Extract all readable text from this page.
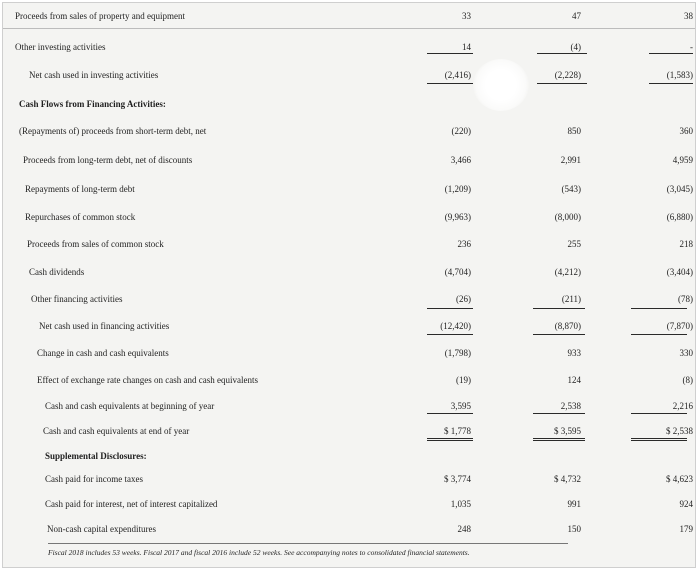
Proceeds from sales of property and equipment	33	47	38
Other investing activities	14	(4)	-
Net cash used in investing activities	(2,416)	(2,228)	(1,583)
Cash Flows from Financing Activities:
(Repayments of) proceeds from short-term debt, net	(220)	850	360
Proceeds from long-term debt, net of discounts	3,466	2,991	4,959
Repayments of long-term debt	(1,209)	(543)	(3,045)
Repurchases of common stock	(9,963)	(8,000)	(6,880)
Proceeds from sales of common stock	236	255	218
Cash dividends	(4,704)	(4,212)	(3,404)
Other financing activities	(26)	(211)	(78)
Net cash used in financing activities	(12,420)	(8,870)	(7,870)
Change in cash and cash equivalents	(1,798)	933	330
Effect of exchange rate changes on cash and cash equivalents	(19)	124	(8)
Cash and cash equivalents at beginning of year	3,595	2,538	2,216
Cash and cash equivalents at end of year	$ 1,778	$ 3,595	$ 2,538
Supplemental Disclosures:
Cash paid for income taxes	$ 3,774	$ 4,732	$ 4,623
Cash paid for interest, net of interest capitalized	1,035	991	924
Non-cash capital expenditures	248	150	179
Fiscal 2018 includes 53 weeks. Fiscal 2017 and fiscal 2016 include 52 weeks. See accompanying notes to consolidated financial statements.
